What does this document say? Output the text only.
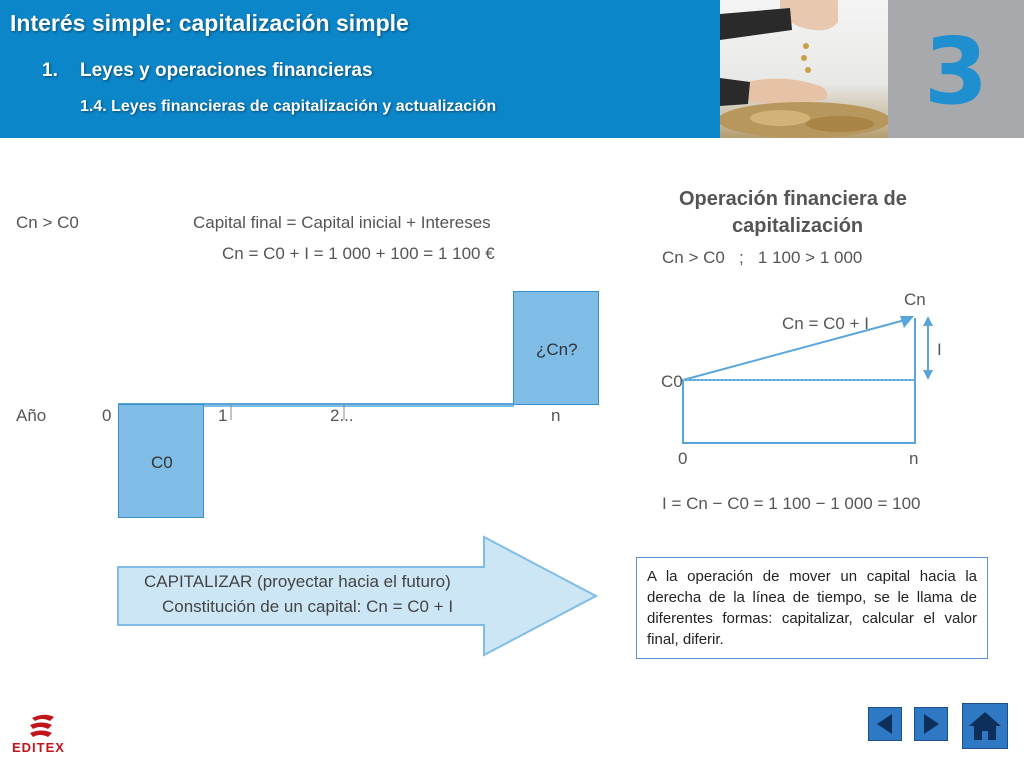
Interés simple: capitalización simple
1. Leyes y operaciones financieras
1.4. Leyes financieras de capitalización y actualización	3
Cn > C0	Capital final = Capital inicial + Intereses
Cn = C0 + I = 1 000 + 100 = 1 100 €
Año	0	1	2...	n
C0
¿Cn?
CAPITALIZAR (proyectar hacia el futuro)
Constitución de un capital: Cn = C0 + I
Operación financiera de
capitalización
Cn > C0   ;   1 100 > 1 000
Cn
C0
Cn = C0 + I
I
0	n
I = Cn − C0 = 1 100 − 1 000 = 100
A la operación de mover un capital hacia la derecha de la línea de tiempo, se le llama de diferentes formas: capitalizar, calcular el valor final, diferir.
EDITEX
